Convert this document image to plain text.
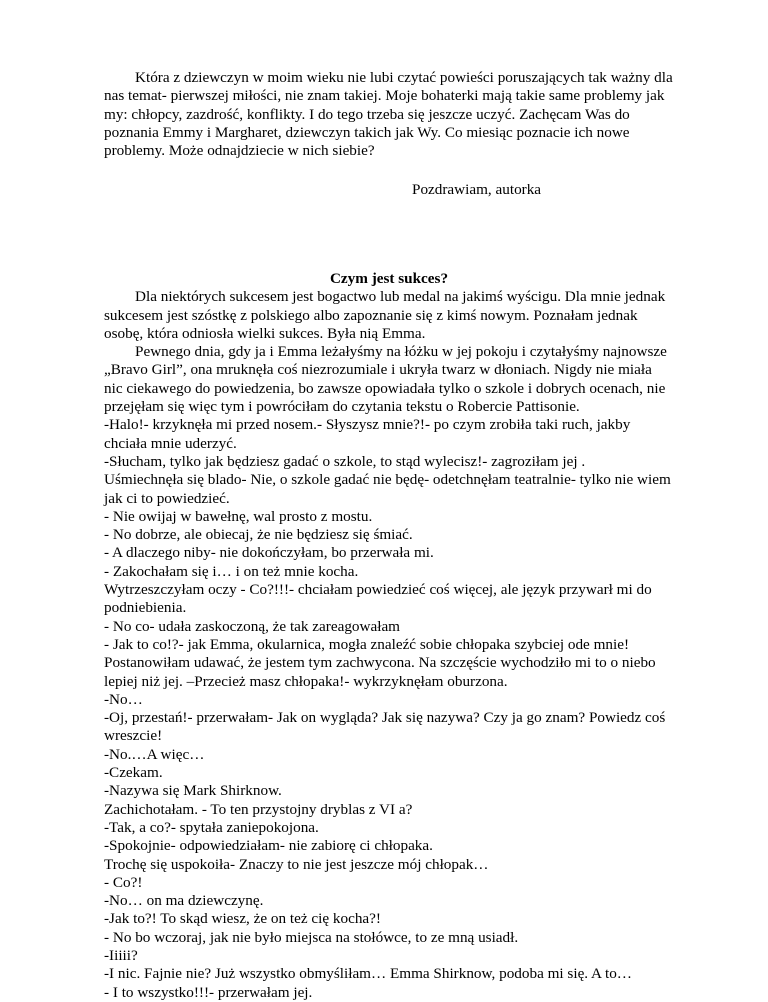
Która z dziewczyn w moim wieku nie lubi czytać powieści poruszających tak ważny dla nas temat- pierwszej miłości, nie znam takiej. Moje bohaterki mają takie same problemy jak my: chłopcy, zazdrość, konflikty. I do tego trzeba się jeszcze uczyć. Zachęcam Was do poznania Emmy i Margharet, dziewczyn takich jak Wy. Co miesiąc poznacie ich nowe problemy. Może odnajdziecie w nich siebie?

Pozdrawiam, autorka

Czym jest sukces?

Dla niektórych sukcesem jest bogactwo lub medal na jakimś wyścigu. Dla mnie jednak sukcesem jest szóstkę z polskiego albo zapoznanie się z kimś nowym. Poznałam jednak osobę, która odniosła wielki sukces. Była nią Emma.

Pewnego dnia, gdy ja i Emma leżałyśmy na łóżku w jej pokoju i czytałyśmy najnowsze „Bravo Girl”, ona mruknęła coś niezrozumiale i ukryła twarz w dłoniach. Nigdy nie miała nic ciekawego do powiedzenia, bo zawsze opowiadała tylko o szkole i dobrych ocenach, nie przejęłam się więc tym i powróciłam do czytania tekstu o Robercie Pattisonie.

-Halo!- krzyknęła mi przed nosem.- Słyszysz mnie?!- po czym zrobiła taki ruch, jakby chciała mnie uderzyć.

-Słucham, tylko jak będziesz gadać o szkole, to stąd wylecisz!- zagroziłam jej .

Uśmiechnęła się blado- Nie, o szkole gadać nie będę- odetchnęłam teatralnie- tylko nie wiem jak ci to powiedzieć.

- Nie owijaj w bawełnę, wal prosto z mostu.

- No dobrze, ale obiecaj, że nie będziesz się śmiać.

- A dlaczego niby- nie dokończyłam, bo przerwała mi.

- Zakochałam się i… i on też mnie kocha.

Wytrzeszczyłam oczy - Co?!!!- chciałam powiedzieć coś więcej, ale język przywarł mi do podniebienia.

- No co- udała zaskoczoną, że tak zareagowałam

- Jak to co!?- jak Emma, okularnica, mogła znaleźć sobie chłopaka szybciej ode mnie! Postanowiłam udawać, że jestem tym zachwycona. Na szczęście wychodziło mi to o niebo lepiej niż jej. –Przecież masz chłopaka!- wykrzyknęłam oburzona.

-No…

-Oj, przestań!- przerwałam- Jak on wygląda? Jak się nazywa? Czy ja go znam? Powiedz coś wreszcie!

-No.…A więc…

-Czekam.

-Nazywa się Mark Shirknow.

Zachichotałam. - To ten przystojny dryblas z VI a?

-Tak, a co?- spytała zaniepokojona.

-Spokojnie- odpowiedziałam- nie zabiorę ci chłopaka.

Trochę się uspokoiła- Znaczy to nie jest jeszcze mój chłopak…

- Co?!

-No… on ma dziewczynę.

-Jak to?! To skąd wiesz, że on też cię kocha?!

- No bo wczoraj, jak nie było miejsca na stołówce, to ze mną usiadł.

-Iiiii?

-I nic. Fajnie nie? Już wszystko obmyśliłam… Emma Shirknow, podoba mi się. A to…

- I to wszystko!!!- przerwałam jej.
